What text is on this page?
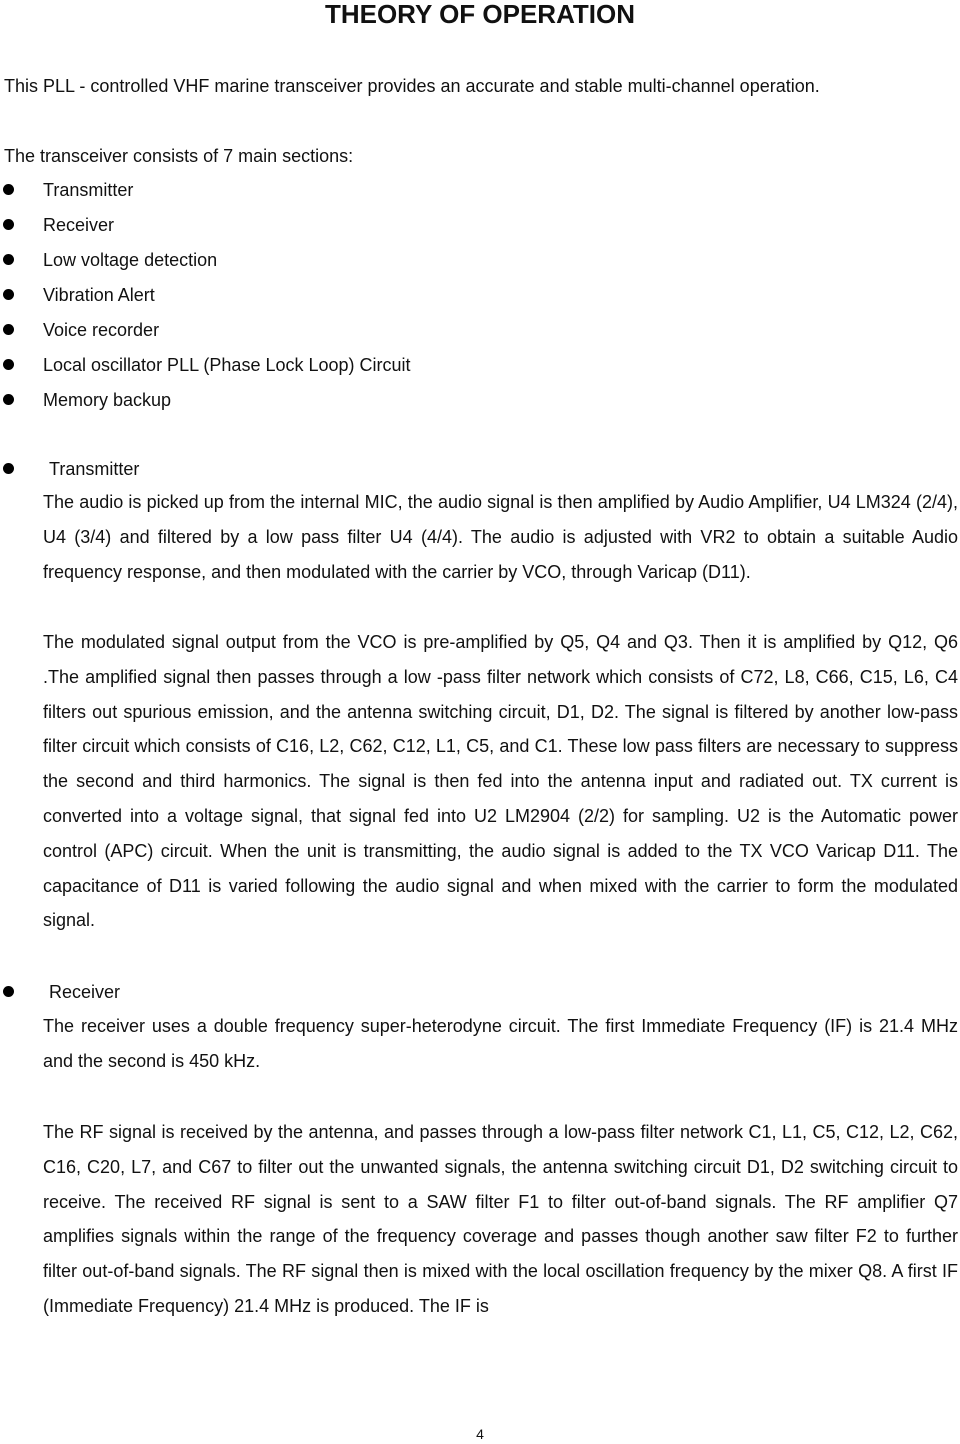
THEORY OF OPERATION
This PLL - controlled VHF marine transceiver provides an accurate and stable multi-channel operation.
The transceiver consists of 7 main sections:
Transmitter
Receiver
Low voltage detection
Vibration Alert
Voice recorder
Local oscillator PLL (Phase Lock Loop) Circuit
Memory backup
Transmitter

The audio is picked up from the internal MIC, the audio signal is then amplified by Audio Amplifier, U4 LM324 (2/4), U4 (3/4) and filtered by a low pass filter U4 (4/4). The audio is adjusted with VR2 to obtain a suitable Audio frequency response, and then modulated with the carrier by VCO, through Varicap (D11).

The modulated signal output from the VCO is pre-amplified by Q5, Q4 and Q3. Then it is amplified by Q12, Q6 .The amplified signal then passes through a low -pass filter network which consists of C72, L8, C66, C15, L6, C4 filters out spurious emission, and the antenna switching circuit, D1, D2. The signal is filtered by another low-pass filter circuit which consists of C16, L2, C62, C12, L1, C5, and C1. These low pass filters are necessary to suppress the second and third harmonics. The signal is then fed into the antenna input and radiated out. TX current is converted into a voltage signal, that signal fed into U2 LM2904 (2/2) for sampling. U2 is the Automatic power control (APC) circuit. When the unit is transmitting, the audio signal is added to the TX VCO Varicap D11. The capacitance of D11 is varied following the audio signal and when mixed with the carrier to form the modulated signal.

Receiver

The receiver uses a double frequency super-heterodyne circuit. The first Immediate Frequency (IF) is 21.4 MHz and the second is 450 kHz.

The RF signal is received by the antenna, and passes through a low-pass filter network C1, L1, C5, C12, L2, C62, C16, C20, L7, and C67 to filter out the unwanted signals, the antenna switching circuit D1, D2 switching circuit to receive. The received RF signal is sent to a SAW filter F1 to filter out-of-band signals. The RF amplifier Q7 amplifies signals within the range of the frequency coverage and passes though another saw filter F2 to further filter out-of-band signals. The RF signal then is mixed with the local oscillation frequency by the mixer Q8. A first IF (Immediate Frequency) 21.4 MHz is produced. The IF is

4
